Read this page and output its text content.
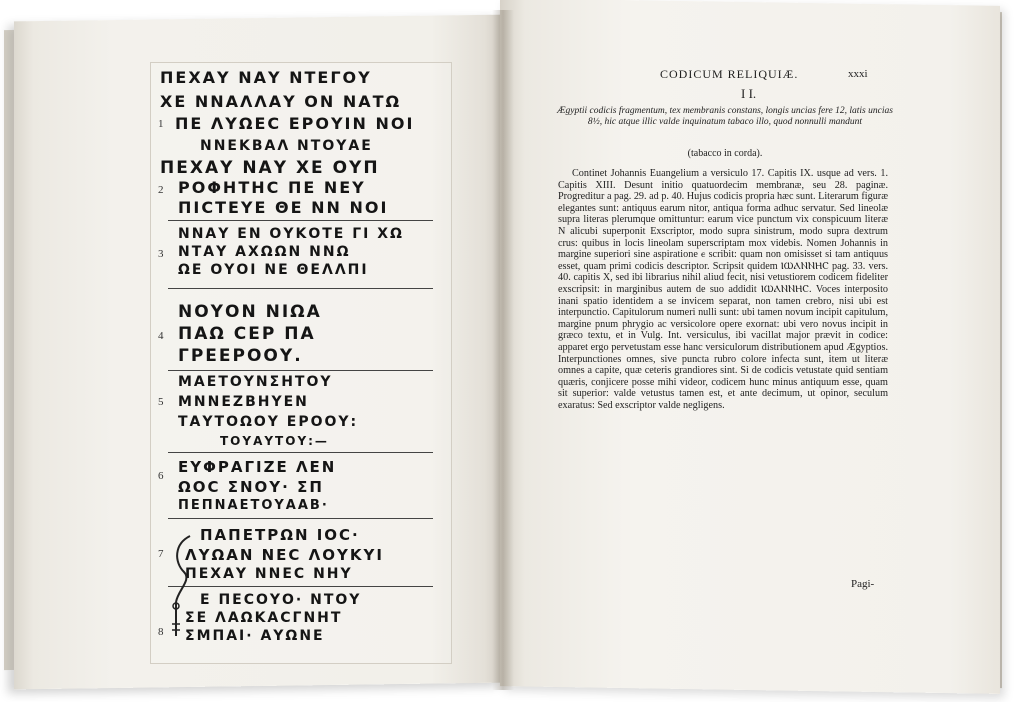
ΠΕΧΑΥ ΝΑΥ ΝΤΕΓΟΥ
ΧΕ ΝΝΑΛΛΑΥ ΟΝ ΝΑΤΩ
1 ΠΕ ΛΥΩΕC ΕΡΟΥΙΝ ΝΟΙ
ΝΝΕΚΒΑΛ ΝΤΟΥΑΕ
ΠΕΧΑΥ ΝΑΥ ΧΕ ΟΥΠ
2 ΡΟΦΗΤΗC ΠΕ ΝΕΥ
ΠΙCΤΕΥΕ ΘΕ ΝΝ ΝΟΙ
ΝΝΑΥ ΕΝ ΟΥΚΟΤΕ ΓΙ ΧΩ
3 ΝΤΑΥ ΑΧΩΩΝ ΝΝΩ
ΩΕ ΟΥΟΙ ΝΕ ΘΕΛΛΠΙ
ΝΟΥΟΝ ΝΙΩΑ
4 ΠΑΩ CΕΡ ΠΑ
ΓΡΕΕΡΟΟΥ.
ΜΑΕΤΟΥΝΣΗΤΟΥ
5 ΜΝΝΕΖΒΗΥΕΝ
ΤΑΥΤΟΩΟΥ ΕΡΟΟΥ:
ΤΟΥΑΥΤΟΥ:—
ΕΥΦΡΑΓΙΖΕ ΛΕΝ
6
ΩΟC ΣΝΟΥ· ΣΠ
ΠΕΠΝΑΕΤΟΥΑΑΒ·
ΠΑΠΕΤΡΩΝ ΙΟC·
7 ΛΥΩΑΝ ΝΕC ΛΟΥΚΥΙ
ΠΕΧΑΥ ΝΝΕC ΝΗΥ
Ε ΠΕCΟΥΟ· ΝΤΟΥ
ΣΕ ΛΑΩΚΑCΓΝΗΤ
8 ΣΜΠΑΙ· ΑΥΩΝΕ
CODICUM RELIQUIÆ.	xxxi
I I.
Ægyptii codicis fragmentum, tex membranis constans, longis uncias fere 12, latis uncias 8½, hic atque illic valde inquinatum tabaco illo, quod nonnulli mandunt
(tabacco in corda).
Continet Johannis Euangelium a versiculo 17. Capitis IX. usque ad vers. 1. Capitis XIII. Desunt initio quatuordecim membranæ, seu 28. paginæ. Progreditur a pag. 29. ad p. 40. Hujus codicis propria hæc sunt. Literarum figuræ elegantes sunt: antiquus earum nitor, antiqua forma adhuc servatur. Sed lineolæ supra literas plerumque omittuntur: earum vice punctum vix conspicuum literæ N alicubi superponit Exscriptor, modo supra sinistrum, modo supra dextrum crus: quibus in locis lineolam superscriptam mox videbis. Nomen Johannis in margine superiori sine aspiratione ⲉ scribit: quam non omisisset si tam antiquus esset, quam primi codicis descriptor. Scripsit quidem ⲒⲰⲀⲚⲚⲎⲤ pag. 33. vers. 40. capitis X, sed ibi librarius nihil aliud fecit, nisi vetustiorem codicem fideliter exscripsit: in marginibus autem de suo addidit ⲒⲰⲀⲚⲚⲎⲤ. Voces interposito inani spatio identidem a se invicem separat, non tamen crebro, nisi ubi est interpunctio. Capitulorum numeri nulli sunt: ubi tamen novum incipit capitulum, margine pnum phrygio ac versicolore opere exornat: ubi vero novus incipit in græco textu, et in Vulg. Int. versiculus, ibi vacillat major prævit in codice: apparet ergo pervetustam esse hanc versiculorum distributionem apud Ægyptios. Interpunctiones omnes, sive puncta rubro colore infecta sunt, item ut literæ omnes a capite, quæ ceteris grandiores sint. Si de codicis vetustate quid sentiam quæris, conjicere posse mihi videor, codicem hunc minus antiquum esse, quam sit superior: valde vetustus tamen est, et ante decimum, ut opinor, seculum exaratus: Sed exscriptor valde negligens.
Pagi-
